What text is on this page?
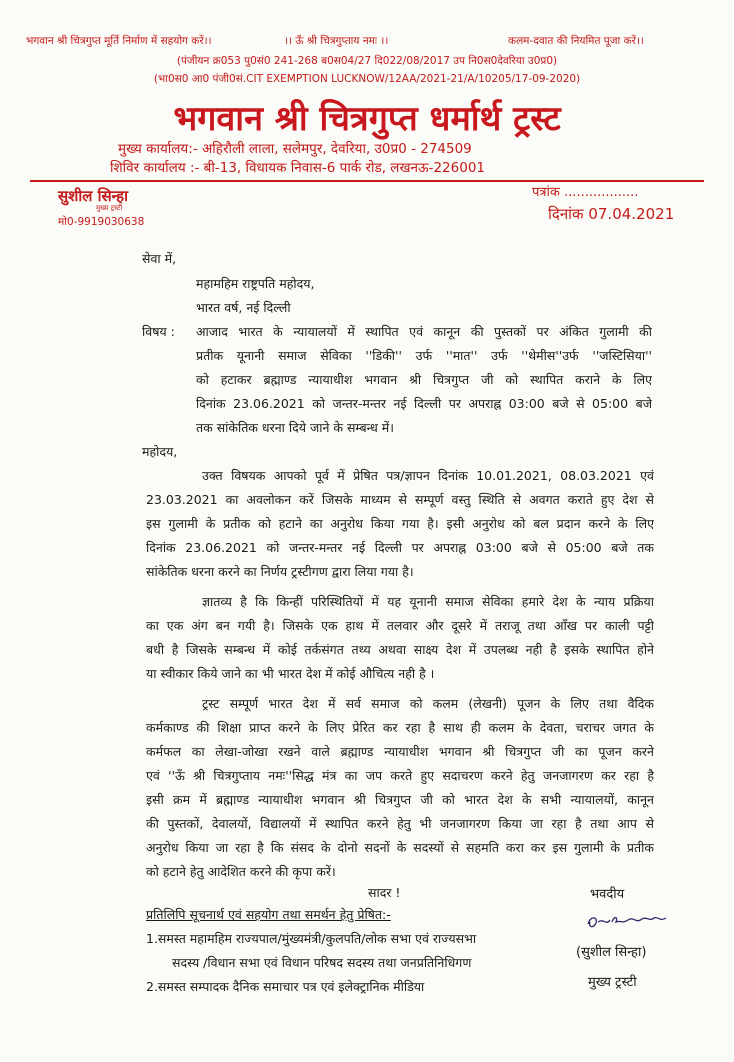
भगवान श्री चित्रगुप्त मूर्ति निर्माण में सहयोग करें।।	।। ऊँ श्री चित्रगुप्ताय नमः ।।	कलम-दवात की नियमित पूजा करें।।
(पंजीयन क्र053 पु0सं0 241-268 ब0स04/27 दि022/08/2017 उप नि0स0देवरिया उ0प्र0)
(भा0स0 आ0 पंजी0सं.CIT EXEMPTION LUCKNOW/12AA/2021-21/A/10205/17-09-2020)
भगवान श्री चित्रगुप्त धर्मार्थ ट्रस्ट
मुख्य कार्यालय:- अहिरौली लाला, सलेमपुर, देवरिया, उ0प्र0 - 274509
शिविर कार्यालय :- बी-13, विधायक निवास-6 पार्क रोड, लखनऊ-226001
सुशील सिन्हा
मुख्य ट्रस्टी
मो0-9919030638
पत्रांक ..................
दिनांक 07.04.2021
सेवा में,
महामहिम राष्ट्रपति महोदय,
भारत वर्ष, नई दिल्ली
विषय : आजाद भारत के न्यायालयों में स्थापित एवं कानून की पुस्तकों पर अंकित गुलामी की
प्रतीक यूनानी समाज सेविका ''डिकी'' उर्फ ''मात'' उर्फ ''थेमीस''उर्फ ''जस्टिसिया''
को हटाकर ब्रह्माण्ड न्यायाधीश भगवान श्री चित्रगुप्त जी को स्थापित कराने के लिए
दिनांक 23.06.2021 को जन्तर-मन्तर नई दिल्ली पर अपराह्न 03:00 बजे से 05:00 बजे
तक सांकेतिक धरना दिये जाने के सम्बन्ध में।
महोदय,
उक्त विषयक आपको पूर्व में प्रेषित पत्र/ज्ञापन दिनांक 10.01.2021, 08.03.2021 एवं
23.03.2021 का अवलोकन करें जिसके माध्यम से सम्पूर्ण वस्तु स्थिति से अवगत कराते हुए देश से
इस गुलामी के प्रतीक को हटाने का अनुरोध किया गया है। इसी अनुरोध को बल प्रदान करने के लिए
दिनांक 23.06.2021 को जन्तर-मन्तर नई दिल्ली पर अपराह्न 03:00 बजे से 05:00 बजे तक
सांकेतिक धरना करने का निर्णय ट्रस्टीगण द्वारा लिया गया है।
ज्ञातव्य है कि किन्हीं परिस्थितियों में यह यूनानी समाज सेविका हमारे देश के न्याय प्रक्रिया
का एक अंग बन गयी है। जिसके एक हाथ में तलवार और दूसरे में तराजू तथा आँख पर काली पट्टी
बधी है जिसके सम्बन्ध में कोई तर्कसंगत तथ्य अथवा साक्ष्य देश में उपलब्ध नही है इसके स्थापित होने
या स्वीकार किये जाने का भी भारत देश में कोई औचित्य नही है ।
ट्रस्ट सम्पूर्ण भारत देश में सर्व समाज को कलम (लेखनी) पूजन के लिए तथा वैदिक
कर्मकाण्ड की शिक्षा प्राप्त करने के लिए प्रेरित कर रहा है साथ ही कलम के देवता, चराचर जगत के
कर्मफल का लेखा-जोखा रखने वाले ब्रह्माण्ड न्यायाधीश भगवान श्री चित्रगुप्त जी का पूजन करने
एवं ''ऊँ श्री चित्रगुप्ताय नमः''सिद्ध मंत्र का जप करते हुए सदाचरण करने हेतु जनजागरण कर रहा है
इसी क्रम में ब्रह्माण्ड न्यायाधीश भगवान श्री चित्रगुप्त जी को भारत देश के सभी न्यायालयों, कानून
की पुस्तकों, देवालयों, विद्यालयों में स्थापित करने हेतु भी जनजागरण किया जा रहा है तथा आप से
अनुरोध किया जा रहा है कि संसद के दोनो सदनों के सदस्यों से सहमति करा कर इस गुलामी के प्रतीक
को हटाने हेतु आदेशित करने की कृपा करें।
सादर !	भवदीय
प्रतिलिपि सूचनार्थ एवं सहयोग तथा समर्थन हेतु प्रेषित:-
1.समस्त महामहिम राज्यपाल/मुंख्यमंत्री/कुलपति/लोक सभा एवं राज्यसभा
सदस्य /विधान सभा एवं विधान परिषद सदस्य तथा जनप्रतिनिधिगण
2.समस्त सम्पादक दैनिक समाचार पत्र एवं इलेक्ट्रानिक मीडिया
(सुशील सिन्हा)
मुख्य ट्रस्टी
